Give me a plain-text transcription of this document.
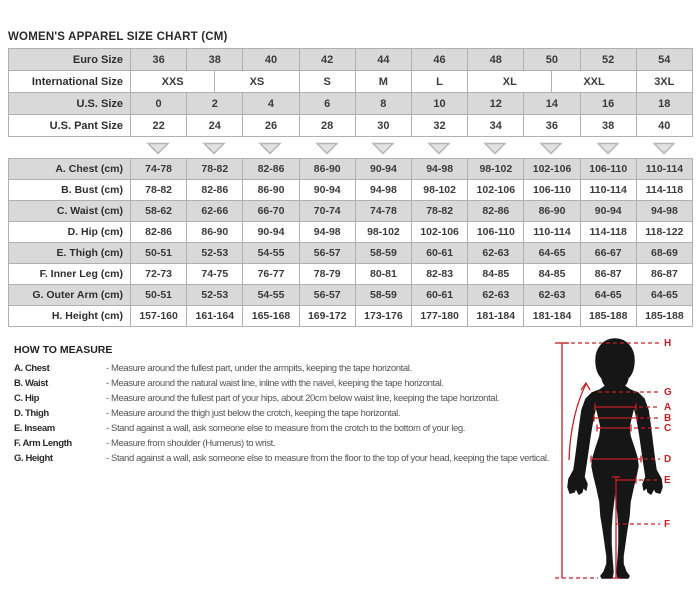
WOMEN'S APPAREL SIZE CHART (CM)
Euro Size	36	38		40	42	44	46	48	50		52	54
International Size	XXS		XS		S	M	L	XL		XXL		3XL
U.S. Size	0	2		4	6	8	10	12	14		16	18
U.S. Pant Size	22	24		26	28	30	32	34	36		38	40
A. Chest (cm)	74-78	78-82	82-86	86-90	90-94	94-98	98-102	102-106	106-110	110-114
B. Bust (cm)	78-82	82-86	86-90	90-94	94-98	98-102	102-106	106-110	110-114	114-118
C. Waist (cm)	58-62	62-66	66-70	70-74	74-78	78-82	82-86	86-90	90-94	94-98
D. Hip (cm)	82-86	86-90	90-94	94-98	98-102	102-106	106-110	110-114	114-118	118-122
E. Thigh (cm)	50-51	52-53	54-55	56-57	58-59	60-61	62-63	64-65	66-67	68-69
F. Inner Leg (cm)	72-73	74-75	76-77	78-79	80-81	82-83	84-85	84-85	86-87	86-87
G. Outer Arm (cm)	50-51	52-53	54-55	56-57	58-59	60-61	62-63	62-63	64-65	64-65
H. Height (cm)	157-160	161-164	165-168	169-172	173-176	177-180	181-184	181-184	185-188	185-188
HOW TO MEASURE
A. Chest	- Measure around the fullest part, under the armpits, keeping the tape horizontal.
B. Waist	- Measure around the natural waist line, inline with the navel, keeping the tape horizontal.
C. Hip	- Measure around the fullest part of your hips, about 20cm below waist line, keeping the tape horizontal.
D. Thigh	- Measure around the thigh just below the crotch, keeping the tape horizontal.
E. Inseam	- Stand against a wall, ask someone else to measure from the crotch to the bottom of your leg.
F. Arm Length	- Measure from shoulder (Humerus) to wrist.
G. Height	- Stand against a wall, ask someone else to measure from the floor to the top of your head, keeping the tape vertical.
H
G
A
B
C
D
E
F
